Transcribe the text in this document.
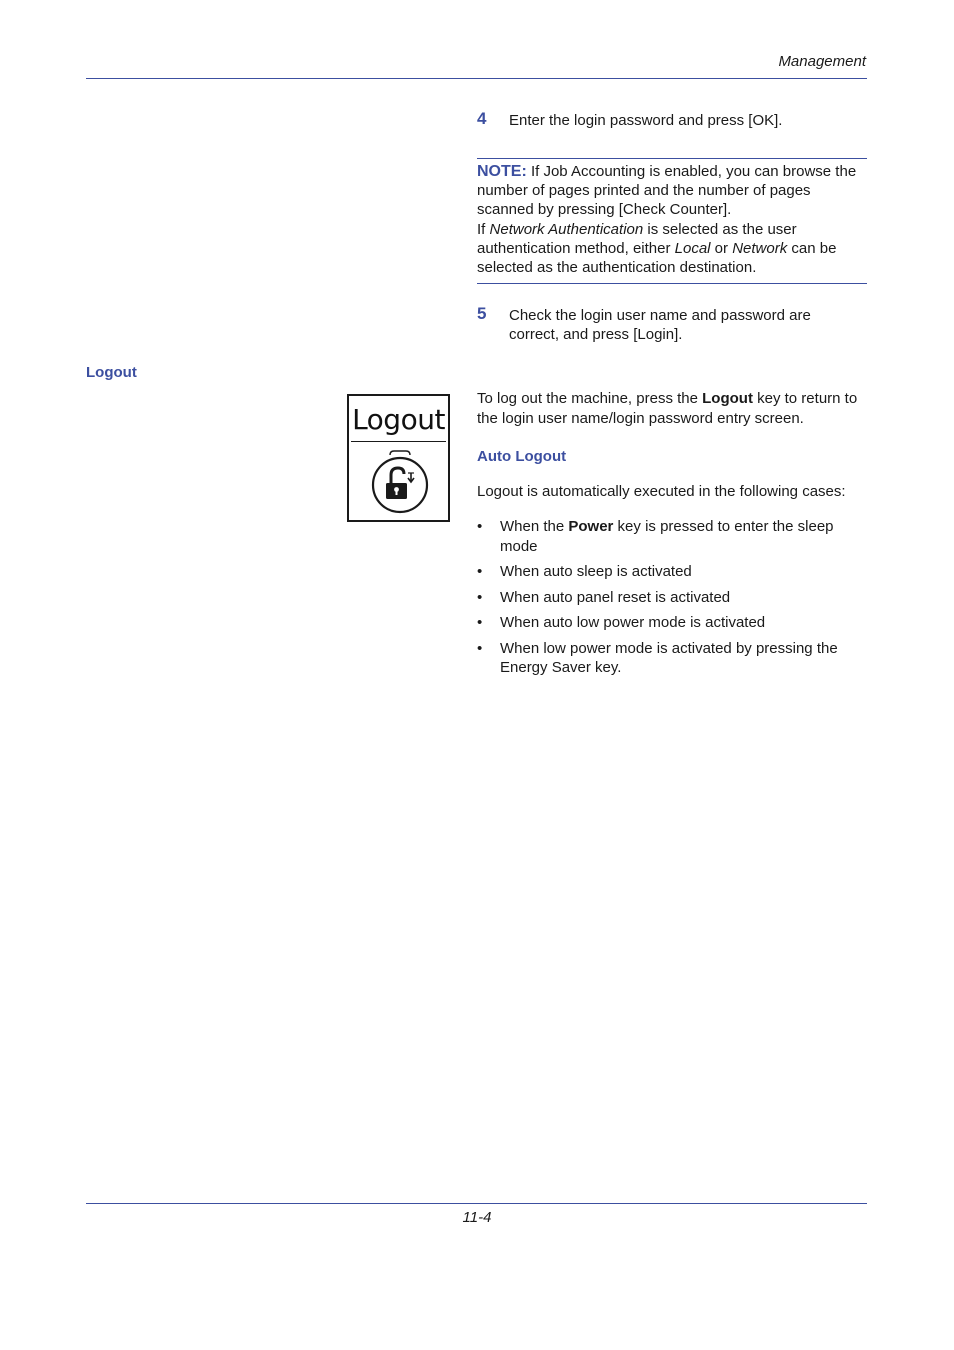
Management
4 Enter the login password and press [OK].
NOTE: If Job Accounting is enabled, you can browse the number of pages printed and the number of pages scanned by pressing [Check Counter].
If Network Authentication is selected as the user authentication method, either Local or Network can be selected as the authentication destination.
5 Check the login user name and password are correct, and press [Login].
Logout
Logout
To log out the machine, press the Logout key to return to the login user name/login password entry screen.
Auto Logout
Logout is automatically executed in the following cases:
• When the Power key is pressed to enter the sleep mode
• When auto sleep is activated
• When auto panel reset is activated
• When auto low power mode is activated
• When low power mode is activated by pressing the Energy Saver key.
11-4
